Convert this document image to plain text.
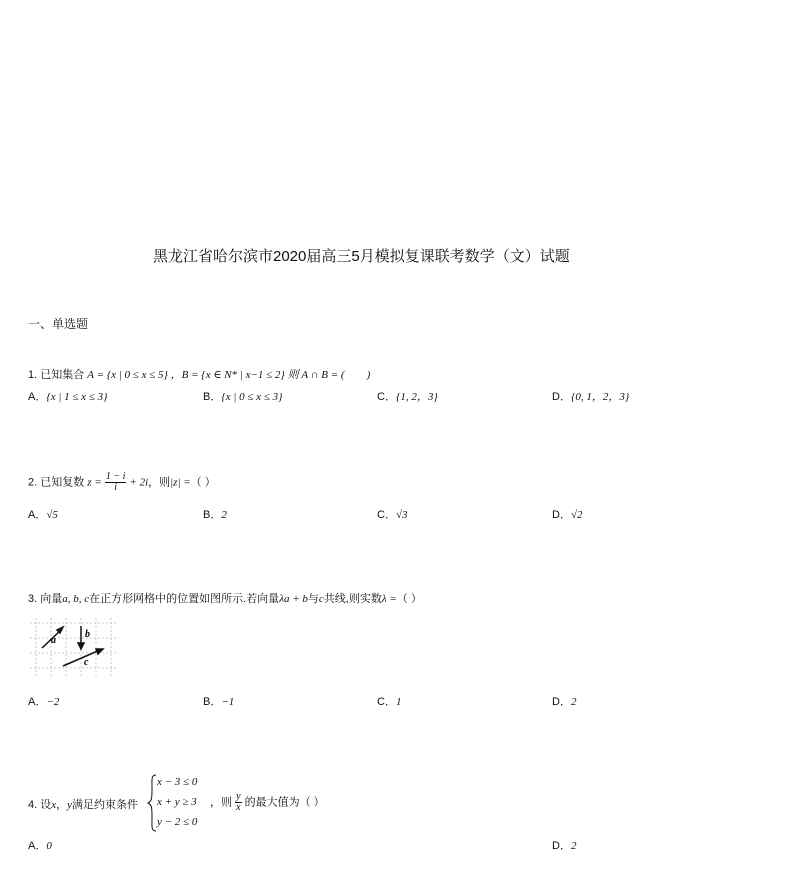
黑龙江省哈尔滨市2020届高三5月模拟复课联考数学（文）试题
一、单选题
1. 已知集合 A = {x | 0 ≤ x ≤ 5} ，B = {x ∈ N* | x−1 ≤ 2} 则 A ∩ B = (　　)
A．{x | 1 ≤ x ≤ 3}	B．{x | 0 ≤ x ≤ 3}	C．{1, 2，3}	D．{0, 1，2，3}
2. 已知复数 $z = \frac{1 - i}{i} + 2i$，则|z| =（ ）
A．√5	B．2	C．√3	D．√2
3. 向量a, b, c在正方形网格中的位置如图所示.若向量λa + b与c共线,则实数λ =（ ）
a
b
c
A．−2	B．−1	C．1	D．2
4. 设x，y满足约束条件
x − 3 ≤ 0
x + y ≥ 3
y − 2 ≤ 0
，则 $\frac{y}{x}$ 的最大值为（ ）
A．0	D．2
